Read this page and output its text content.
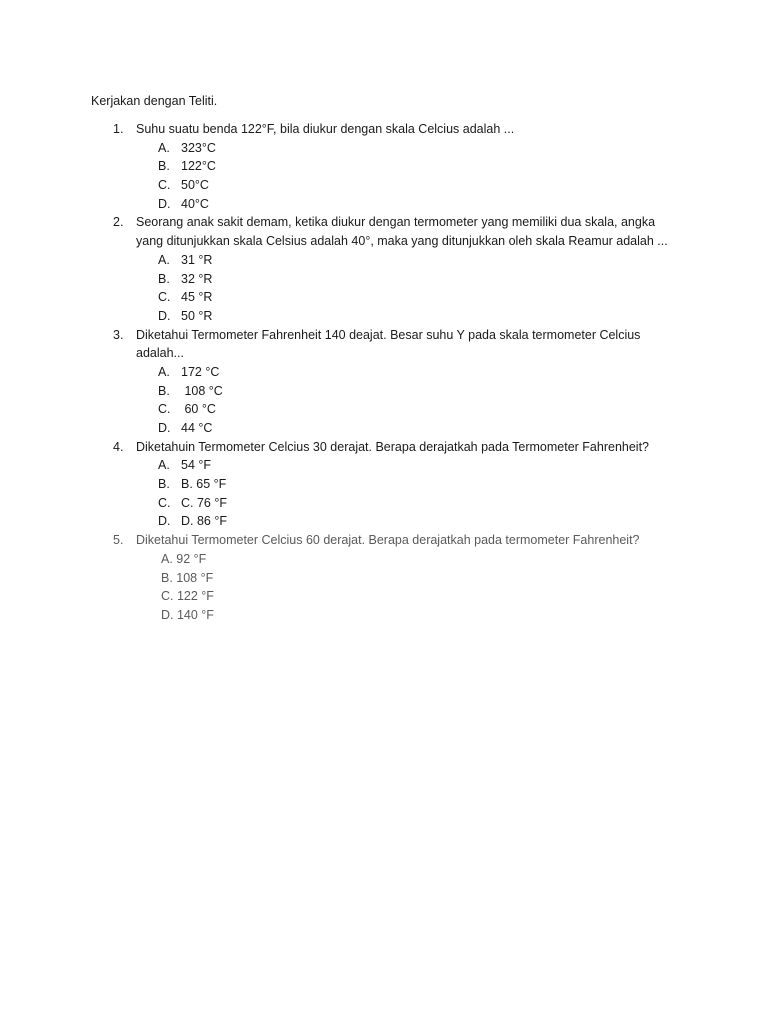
Kerjakan dengan Teliti.
1. Suhu suatu benda 122°F, bila diukur dengan skala Celcius adalah ...
A. 323°C
B. 122°C
C. 50°C
D. 40°C
2. Seorang anak sakit demam, ketika diukur dengan termometer yang memiliki dua skala, angka
yang ditunjukkan skala Celsius adalah 40°, maka yang ditunjukkan oleh skala Reamur adalah ...
A. 31 °R
B. 32 °R
C. 45 °R
D. 50 °R
3. Diketahui Termometer Fahrenheit 140 deajat. Besar suhu Y pada skala termometer Celcius
adalah...
A. 172 °C
B. 108 °C
C. 60 °C
D. 44 °C
4. Diketahuin Termometer Celcius 30 derajat. Berapa derajatkah pada Termometer Fahrenheit?
A. 54 °F
B. B. 65 °F
C. C. 76 °F
D. D. 86 °F
5. Diketahui Termometer Celcius 60 derajat. Berapa derajatkah pada termometer Fahrenheit?
A. 92 °F
B. 108 °F
C. 122 °F
D. 140 °F
